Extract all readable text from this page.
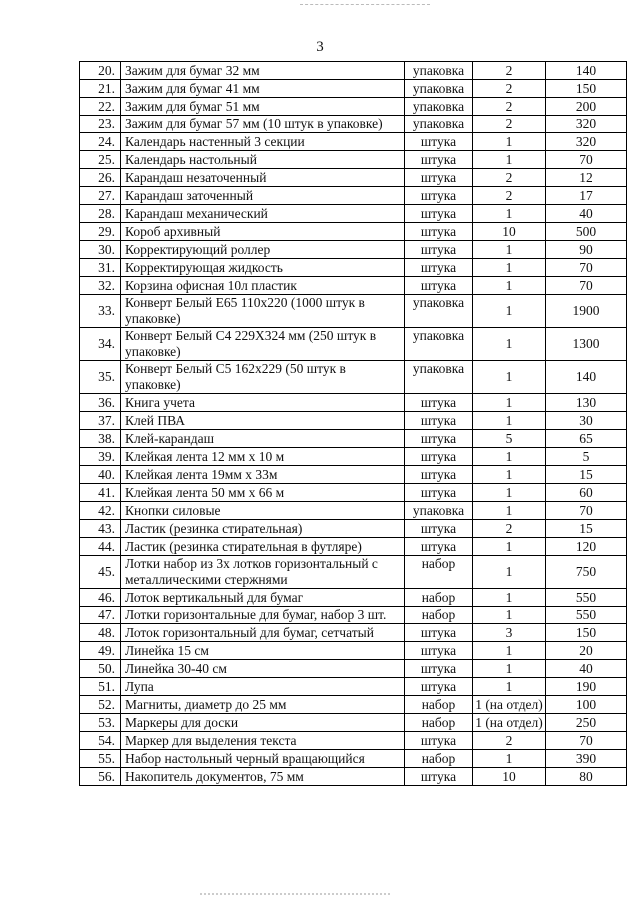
3
20.	Зажим для бумаг 32 мм	упаковка	2	140
21.	Зажим для бумаг 41 мм	упаковка	2	150
22.	Зажим для бумаг 51 мм	упаковка	2	200
23.	Зажим для бумаг 57 мм (10 штук в упаковке)	упаковка	2	320
24.	Календарь настенный 3 секции	штука	1	320
25.	Календарь настольный	штука	1	70
26.	Карандаш незаточенный	штука	2	12
27.	Карандаш заточенный	штука	2	17
28.	Карандаш механический	штука	1	40
29.	Короб архивный	штука	10	500
30.	Корректирующий роллер	штука	1	90
31.	Корректирующая жидкость	штука	1	70
32.	Корзина офисная 10л пластик	штука	1	70
33.	Конверт Белый Е65 110х220 (1000 штук в упаковке)	упаковка	1	1900
34.	Конверт Белый С4 229Х324 мм (250 штук в упаковке)	упаковка	1	1300
35.	Конверт Белый С5 162х229 (50 штук в упаковке)	упаковка	1	140
36.	Книга учета	штука	1	130
37.	Клей ПВА	штука	1	30
38.	Клей-карандаш	штука	5	65
39.	Клейкая лента 12 мм х 10 м	штука	1	5
40.	Клейкая лента 19мм х 33м	штука	1	15
41.	Клейкая лента 50 мм х 66 м	штука	1	60
42.	Кнопки силовые	упаковка	1	70
43.	Ластик (резинка стирательная)	штука	2	15
44.	Ластик (резинка стирательная в футляре)	штука	1	120
45.	Лотки набор из 3х лотков горизонтальный с металлическими стержнями	набор	1	750
46.	Лоток вертикальный для бумаг	набор	1	550
47.	Лотки горизонтальные для бумаг, набор 3 шт.	набор	1	550
48.	Лоток горизонтальный для бумаг, сетчатый	штука	3	150
49.	Линейка 15 см	штука	1	20
50.	Линейка 30-40 см	штука	1	40
51.	Лупа	штука	1	190
52.	Магниты, диаметр до 25 мм	набор	1 (на отдел)	100
53.	Маркеры для доски	набор	1 (на отдел)	250
54.	Маркер для выделения текста	штука	2	70
55.	Набор настольный черный вращающийся	набор	1	390
56.	Накопитель документов, 75 мм	штука	10	80
